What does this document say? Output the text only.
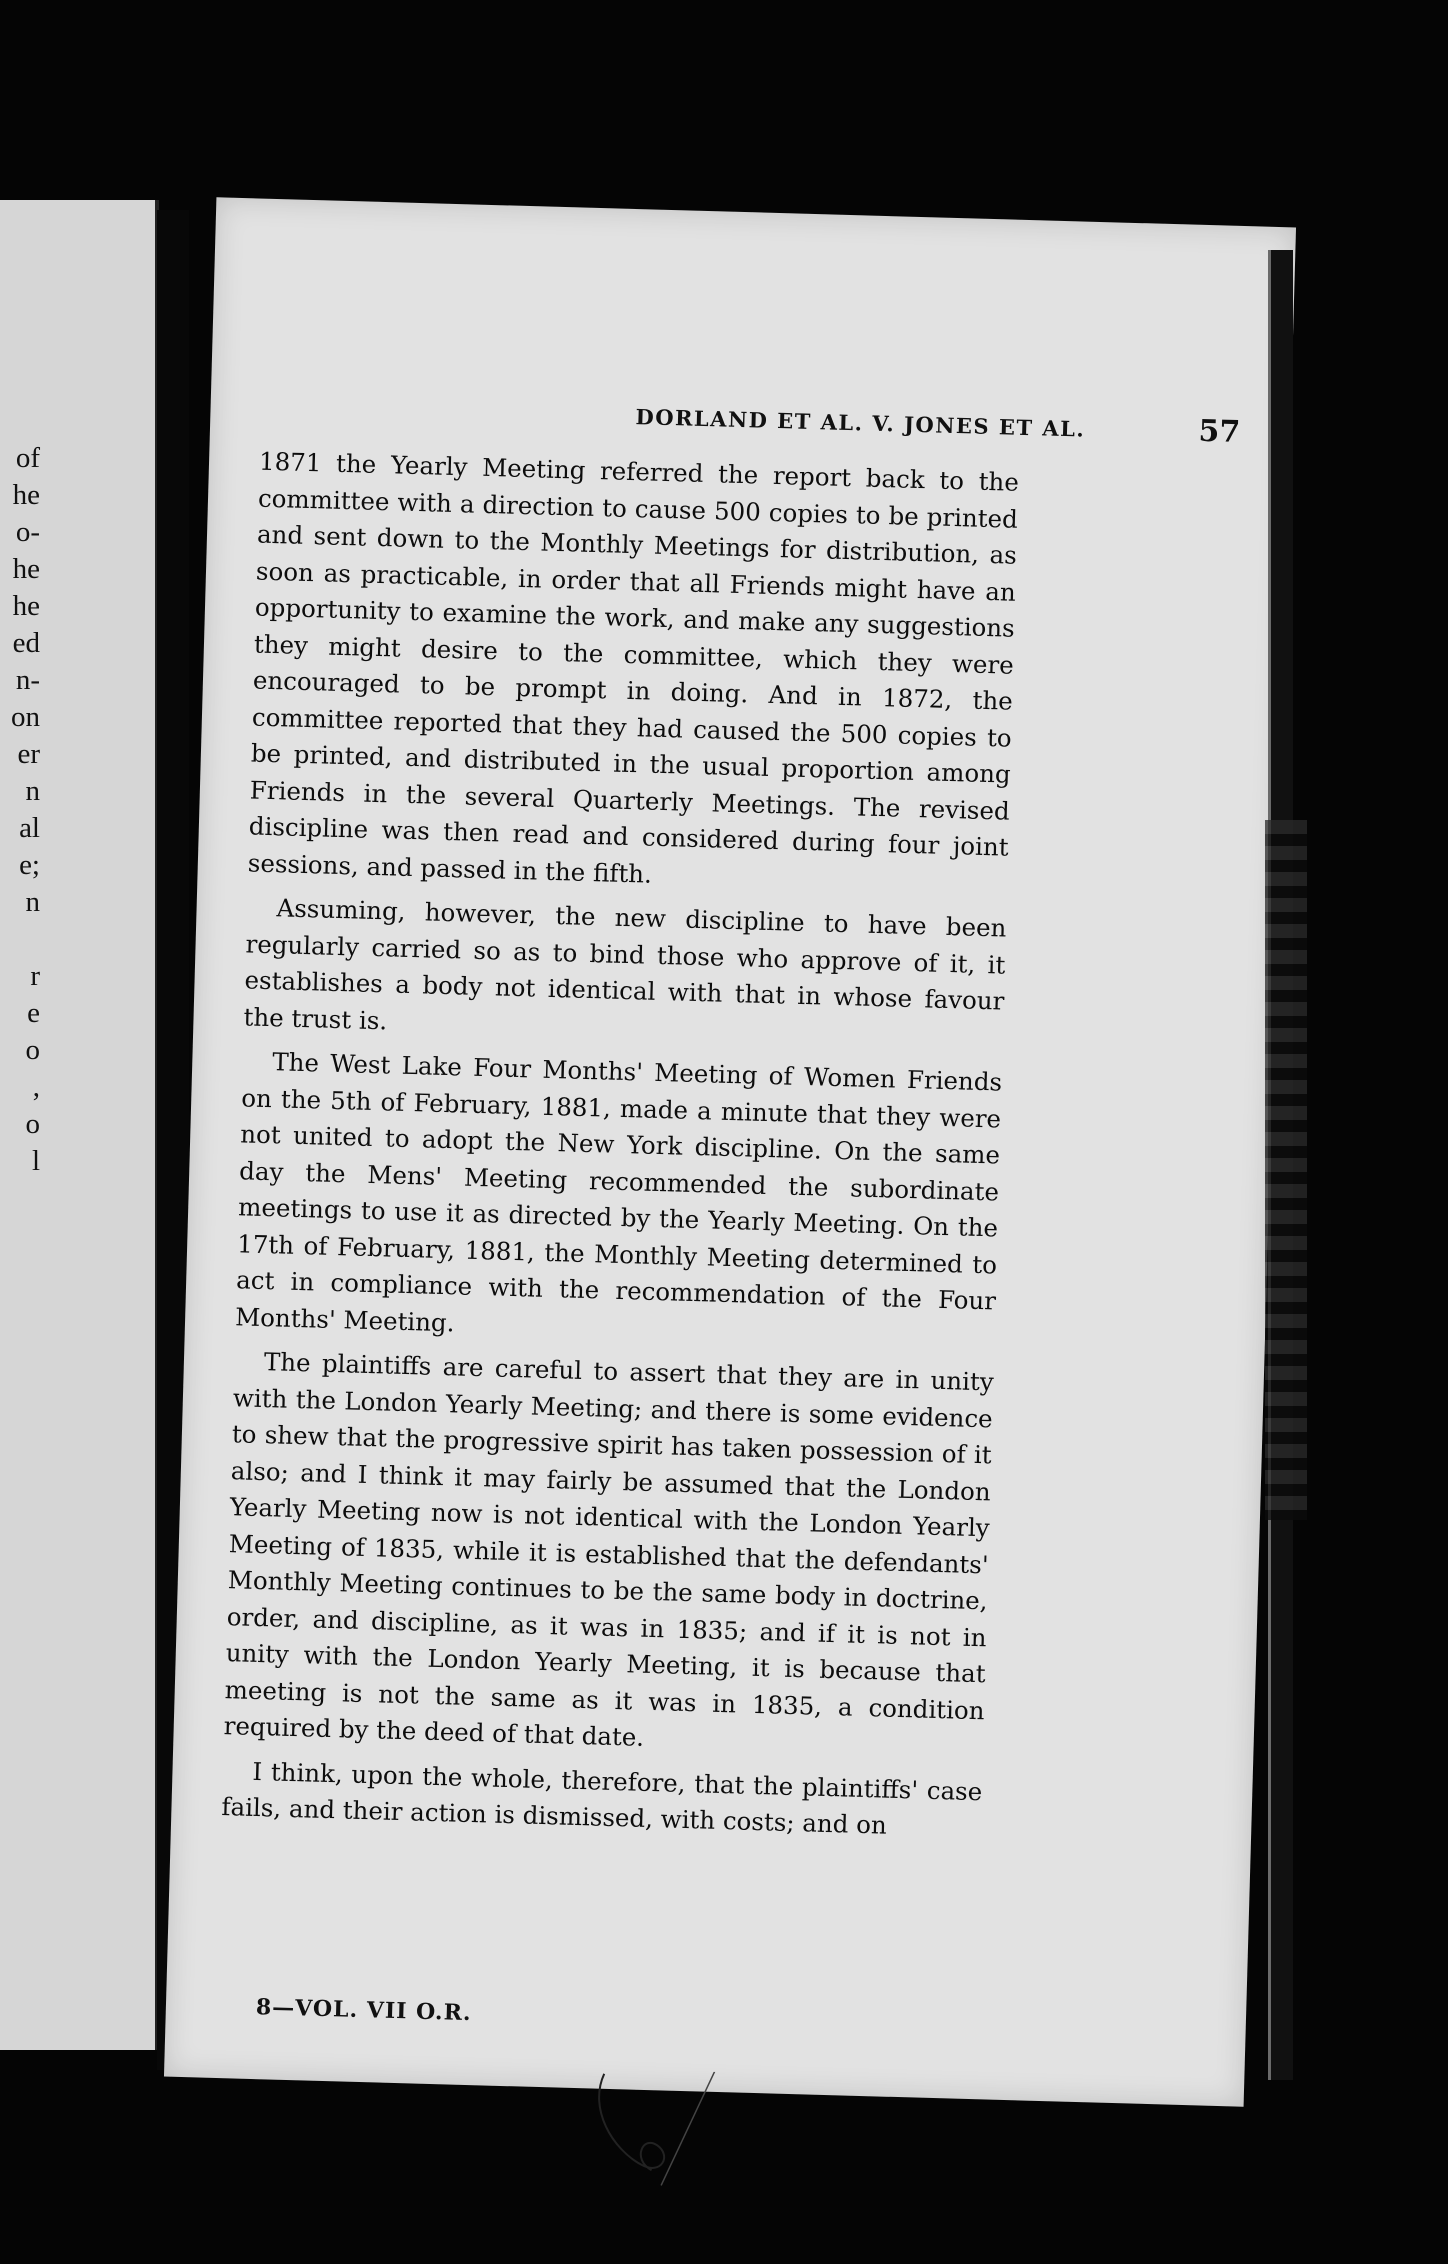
of
he
o-
he
he
ed
n-
on
er
n
al
e;
n
r
e
o
,
o
l
DORLAND ET AL. V. JONES ET AL.	57

1871 the Yearly Meeting referred the report back to the committee with a direction to cause 500 copies to be printed and sent down to the Monthly Meetings for distribution, as soon as practicable, in order that all Friends might have an opportunity to examine the work, and make any suggestions they might desire to the committee, which they were encouraged to be prompt in doing. And in 1872, the committee reported that they had caused the 500 copies to be printed, and distributed in the usual proportion among Friends in the several Quarterly Meetings. The revised discipline was then read and considered during four joint sessions, and passed in the fifth.

Assuming, however, the new discipline to have been regularly carried so as to bind those who approve of it, it establishes a body not identical with that in whose favour the trust is.

The West Lake Four Months' Meeting of Women Friends on the 5th of February, 1881, made a minute that they were not united to adopt the New York discipline. On the same day the Mens' Meeting recommended the subordinate meetings to use it as directed by the Yearly Meeting. On the 17th of February, 1881, the Monthly Meeting determined to act in compliance with the recommendation of the Four Months' Meeting.

The plaintiffs are careful to assert that they are in unity with the London Yearly Meeting; and there is some evidence to shew that the progressive spirit has taken possession of it also; and I think it may fairly be assumed that the London Yearly Meeting now is not identical with the London Yearly Meeting of 1835, while it is established that the defendants' Monthly Meeting continues to be the same body in doctrine, order, and discipline, as it was in 1835; and if it is not in unity with the London Yearly Meeting, it is because that meeting is not the same as it was in 1835, a condition required by the deed of that date.

I think, upon the whole, therefore, that the plaintiffs' case fails, and their action is dismissed, with costs; and on

8—VOL. VII O.R.
